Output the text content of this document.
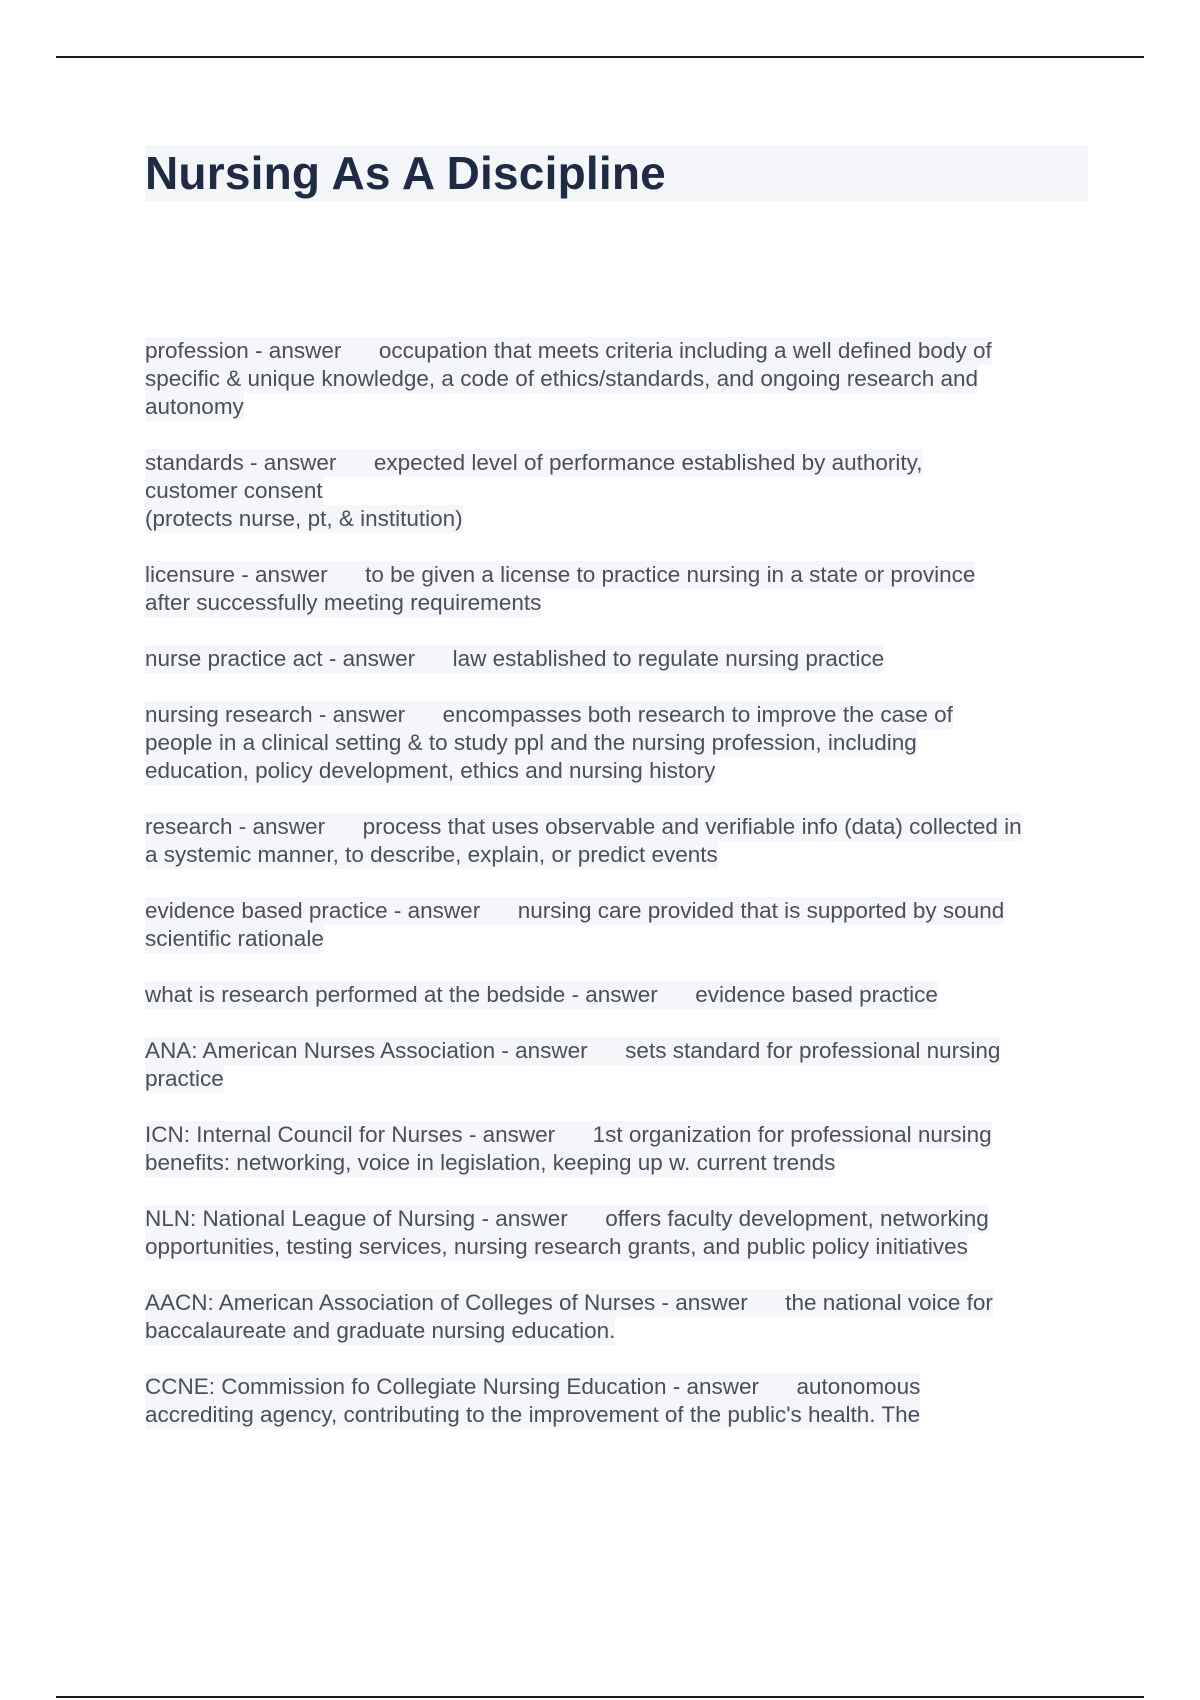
Nursing As A Discipline
profession - answer      occupation that meets criteria including a well defined body of
specific & unique knowledge, a code of ethics/standards, and ongoing research and
autonomy
standards - answer      expected level of performance established by authority,
customer consent
(protects nurse, pt, & institution)
licensure - answer      to be given a license to practice nursing in a state or province
after successfully meeting requirements
nurse practice act - answer      law established to regulate nursing practice
nursing research - answer      encompasses both research to improve the case of
people in a clinical setting & to study ppl and the nursing profession, including
education, policy development, ethics and nursing history
research - answer      process that uses observable and verifiable info (data) collected in
a systemic manner, to describe, explain, or predict events
evidence based practice - answer      nursing care provided that is supported by sound
scientific rationale
what is research performed at the bedside - answer      evidence based practice
ANA: American Nurses Association - answer      sets standard for professional nursing
practice
ICN: Internal Council for Nurses - answer      1st organization for professional nursing
benefits: networking, voice in legislation, keeping up w. current trends
NLN: National League of Nursing - answer      offers faculty development, networking
opportunities, testing services, nursing research grants, and public policy initiatives
AACN: American Association of Colleges of Nurses - answer      the national voice for
baccalaureate and graduate nursing education.
CCNE: Commission fo Collegiate Nursing Education - answer      autonomous
accrediting agency, contributing to the improvement of the public's health. The
